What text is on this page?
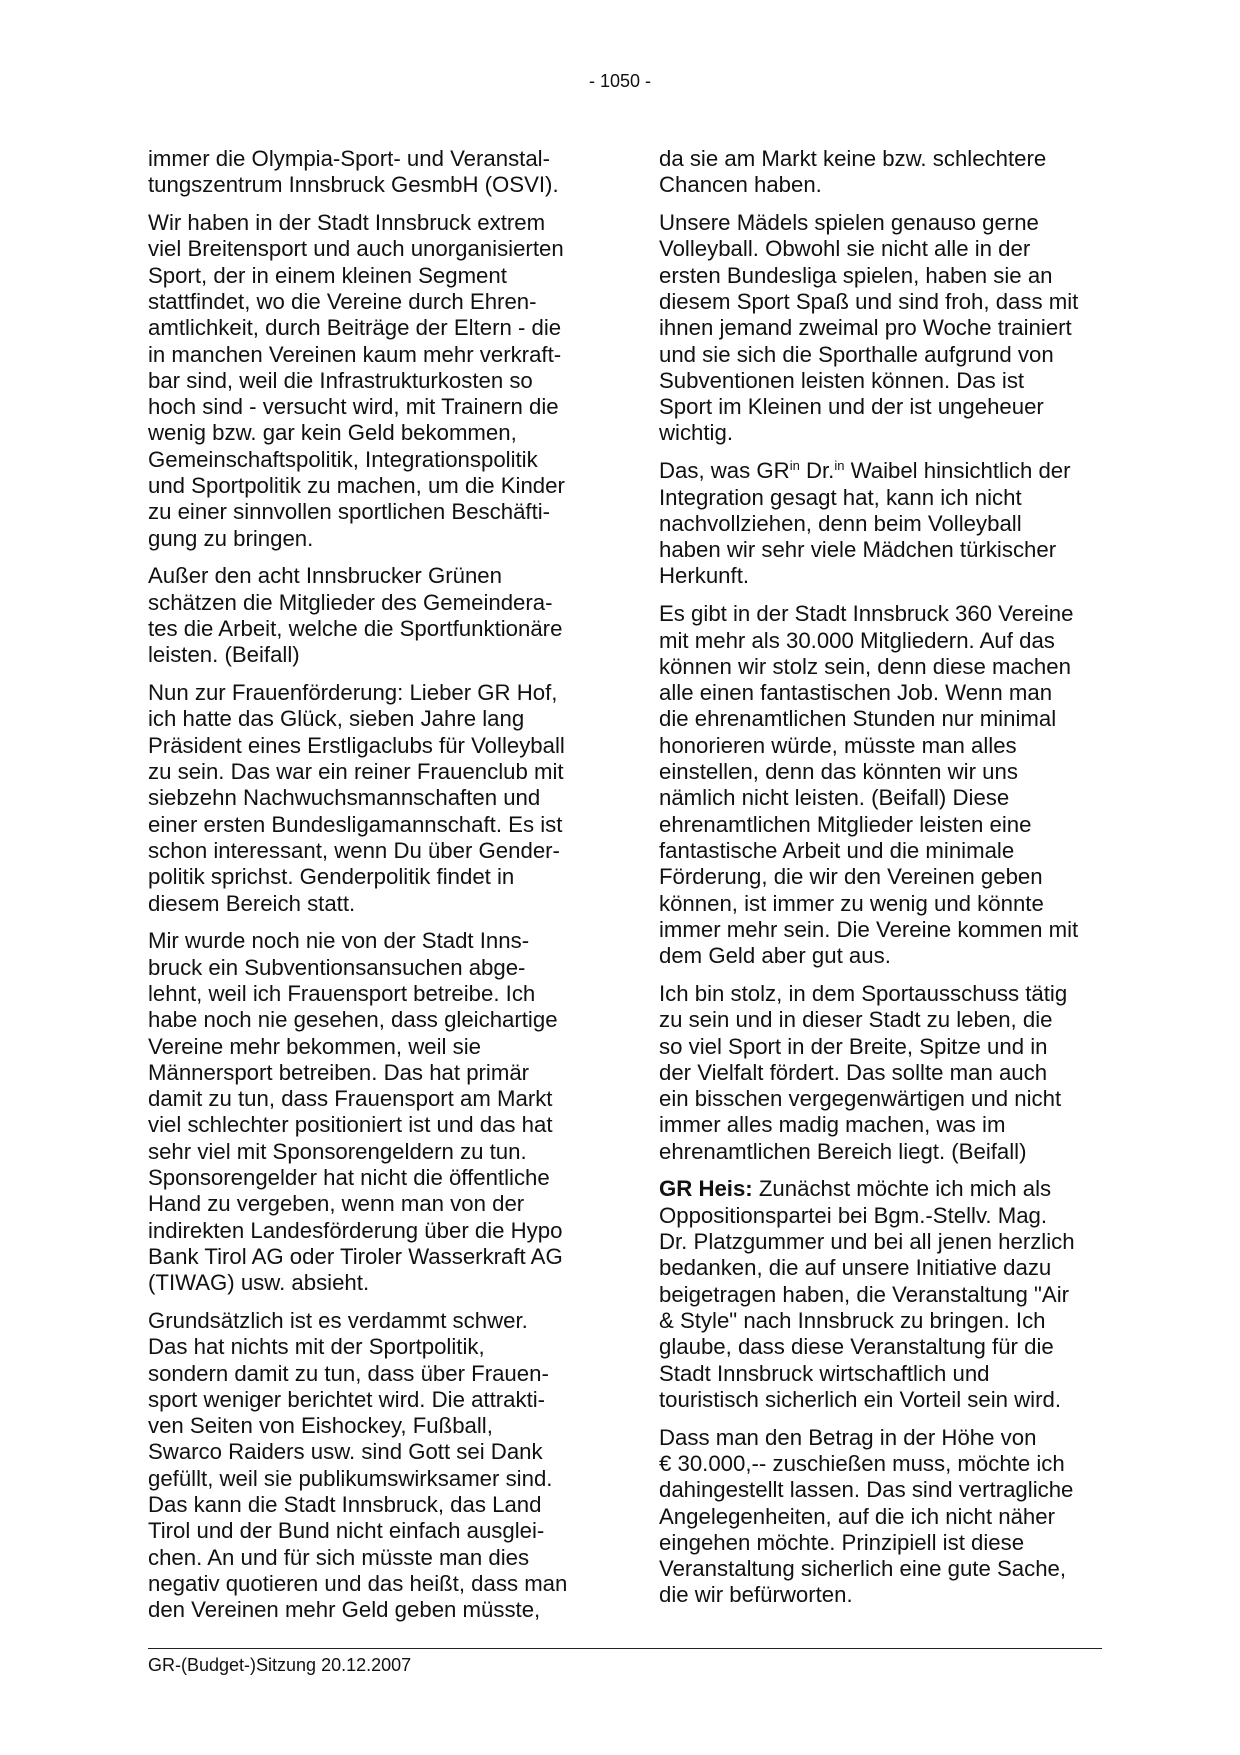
- 1050 -

immer die Olympia-Sport- und Veranstal-
tungszentrum Innsbruck GesmbH (OSVI).

Wir haben in der Stadt Innsbruck extrem
viel Breitensport und auch unorganisierten
Sport, der in einem kleinen Segment
stattfindet, wo die Vereine durch Ehren-
amtlichkeit, durch Beiträge der Eltern - die
in manchen Vereinen kaum mehr verkraft-
bar sind, weil die Infrastrukturkosten so
hoch sind - versucht wird, mit Trainern die
wenig bzw. gar kein Geld bekommen,
Gemeinschaftspolitik, Integrationspolitik
und Sportpolitik zu machen, um die Kinder
zu einer sinnvollen sportlichen Beschäfti-
gung zu bringen.

Außer den acht Innsbrucker Grünen
schätzen die Mitglieder des Gemeindera-
tes die Arbeit, welche die Sportfunktionäre
leisten. (Beifall)

Nun zur Frauenförderung: Lieber GR Hof,
ich hatte das Glück, sieben Jahre lang
Präsident eines Erstligaclubs für Volleyball
zu sein. Das war ein reiner Frauenclub mit
siebzehn Nachwuchsmannschaften und
einer ersten Bundesligamannschaft. Es ist
schon interessant, wenn Du über Gender-
politik sprichst. Genderpolitik findet in
diesem Bereich statt.

Mir wurde noch nie von der Stadt Inns-
bruck ein Subventionsansuchen abge-
lehnt, weil ich Frauensport betreibe. Ich
habe noch nie gesehen, dass gleichartige
Vereine mehr bekommen, weil sie
Männersport betreiben. Das hat primär
damit zu tun, dass Frauensport am Markt
viel schlechter positioniert ist und das hat
sehr viel mit Sponsorengeldern zu tun.
Sponsorengelder hat nicht die öffentliche
Hand zu vergeben, wenn man von der
indirekten Landesförderung über die Hypo
Bank Tirol AG oder Tiroler Wasserkraft AG
(TIWAG) usw. absieht.

Grundsätzlich ist es verdammt schwer.
Das hat nichts mit der Sportpolitik,
sondern damit zu tun, dass über Frauen-
sport weniger berichtet wird. Die attrakti-
ven Seiten von Eishockey, Fußball,
Swarco Raiders usw. sind Gott sei Dank
gefüllt, weil sie publikumswirksamer sind.
Das kann die Stadt Innsbruck, das Land
Tirol und der Bund nicht einfach ausglei-
chen. An und für sich müsste man dies
negativ quotieren und das heißt, dass man
den Vereinen mehr Geld geben müsste,

da sie am Markt keine bzw. schlechtere
Chancen haben.

Unsere Mädels spielen genauso gerne
Volleyball. Obwohl sie nicht alle in der
ersten Bundesliga spielen, haben sie an
diesem Sport Spaß und sind froh, dass mit
ihnen jemand zweimal pro Woche trainiert
und sie sich die Sporthalle aufgrund von
Subventionen leisten können. Das ist
Sport im Kleinen und der ist ungeheuer
wichtig.

Das, was $GR^{in}$ Dr.$^{in}$ Waibel hinsichtlich der
Integration gesagt hat, kann ich nicht
nachvollziehen, denn beim Volleyball
haben wir sehr viele Mädchen türkischer
Herkunft.

Es gibt in der Stadt Innsbruck 360 Vereine
mit mehr als 30.000 Mitgliedern. Auf das
können wir stolz sein, denn diese machen
alle einen fantastischen Job. Wenn man
die ehrenamtlichen Stunden nur minimal
honorieren würde, müsste man alles
einstellen, denn das könnten wir uns
nämlich nicht leisten. (Beifall) Diese
ehrenamtlichen Mitglieder leisten eine
fantastische Arbeit und die minimale
Förderung, die wir den Vereinen geben
können, ist immer zu wenig und könnte
immer mehr sein. Die Vereine kommen mit
dem Geld aber gut aus.

Ich bin stolz, in dem Sportausschuss tätig
zu sein und in dieser Stadt zu leben, die
so viel Sport in der Breite, Spitze und in
der Vielfalt fördert. Das sollte man auch
ein bisschen vergegenwärtigen und nicht
immer alles madig machen, was im
ehrenamtlichen Bereich liegt. (Beifall)

GR Heis: Zunächst möchte ich mich als
Oppositionspartei bei Bgm.-Stellv. Mag.
Dr. Platzgummer und bei all jenen herzlich
bedanken, die auf unsere Initiative dazu
beigetragen haben, die Veranstaltung "Air
& Style" nach Innsbruck zu bringen. Ich
glaube, dass diese Veranstaltung für die
Stadt Innsbruck wirtschaftlich und
touristisch sicherlich ein Vorteil sein wird.

Dass man den Betrag in der Höhe von
€ 30.000,-- zuschießen muss, möchte ich
dahingestellt lassen. Das sind vertragliche
Angelegenheiten, auf die ich nicht näher
eingehen möchte. Prinzipiell ist diese
Veranstaltung sicherlich eine gute Sache,
die wir befürworten.

GR-(Budget-)Sitzung 20.12.2007
